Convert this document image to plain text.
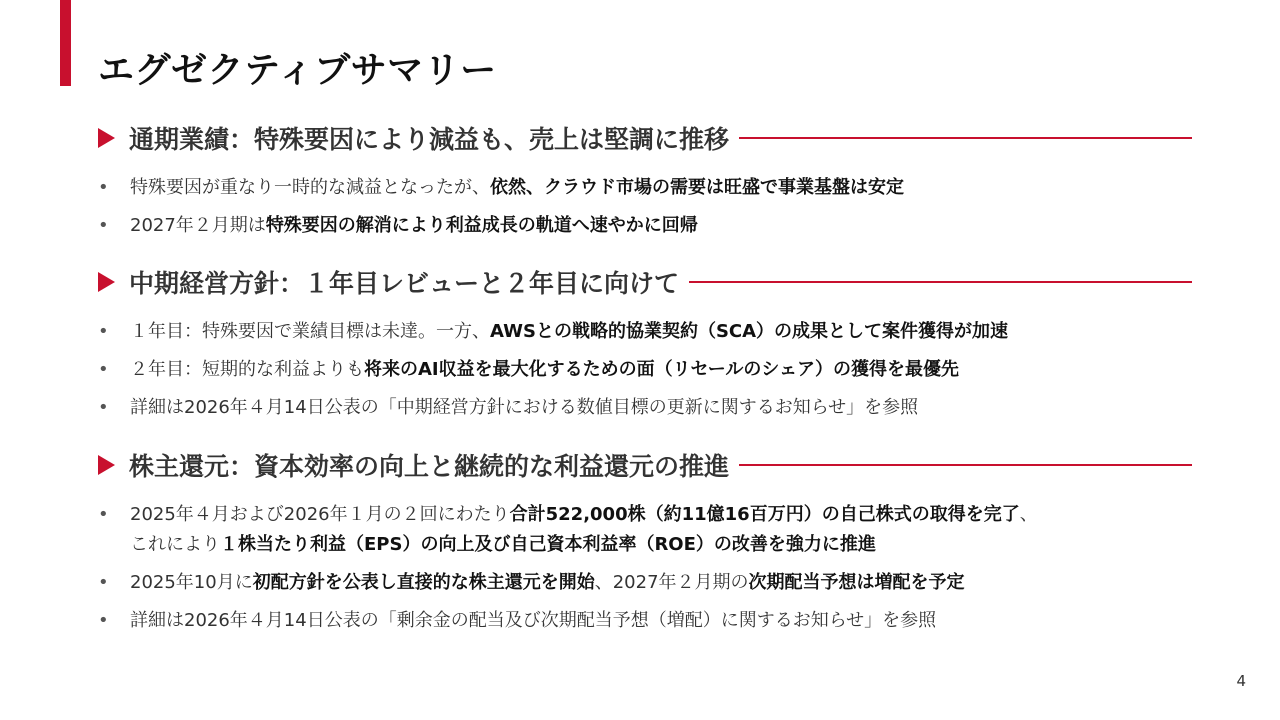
エグゼクティブサマリー
通期業績：特殊要因により減益も、売上は堅調に推移
•	特殊要因が重なり一時的な減益となったが、依然、クラウド市場の需要は旺盛で事業基盤は安定
•	2027年２月期は特殊要因の解消により利益成長の軌道へ速やかに回帰
中期経営方針：１年目レビューと２年目に向けて
•	１年目：特殊要因で業績目標は未達。一方、AWSとの戦略的協業契約（SCA）の成果として案件獲得が加速
•	２年目：短期的な利益よりも将来のAI収益を最大化するための面（リセールのシェア）の獲得を最優先
•	詳細は2026年４月14日公表の「中期経営方針における数値目標の更新に関するお知らせ」を参照
株主還元：資本効率の向上と継続的な利益還元の推進
•	2025年４月および2026年１月の２回にわたり合計522,000株（約11億16百万円）の自己株式の取得を完了、
これにより１株当たり利益（EPS）の向上及び自己資本利益率（ROE）の改善を強力に推進
•	2025年10月に初配方針を公表し直接的な株主還元を開始、2027年２月期の次期配当予想は増配を予定
•	詳細は2026年４月14日公表の「剰余金の配当及び次期配当予想（増配）に関するお知らせ」を参照
4
